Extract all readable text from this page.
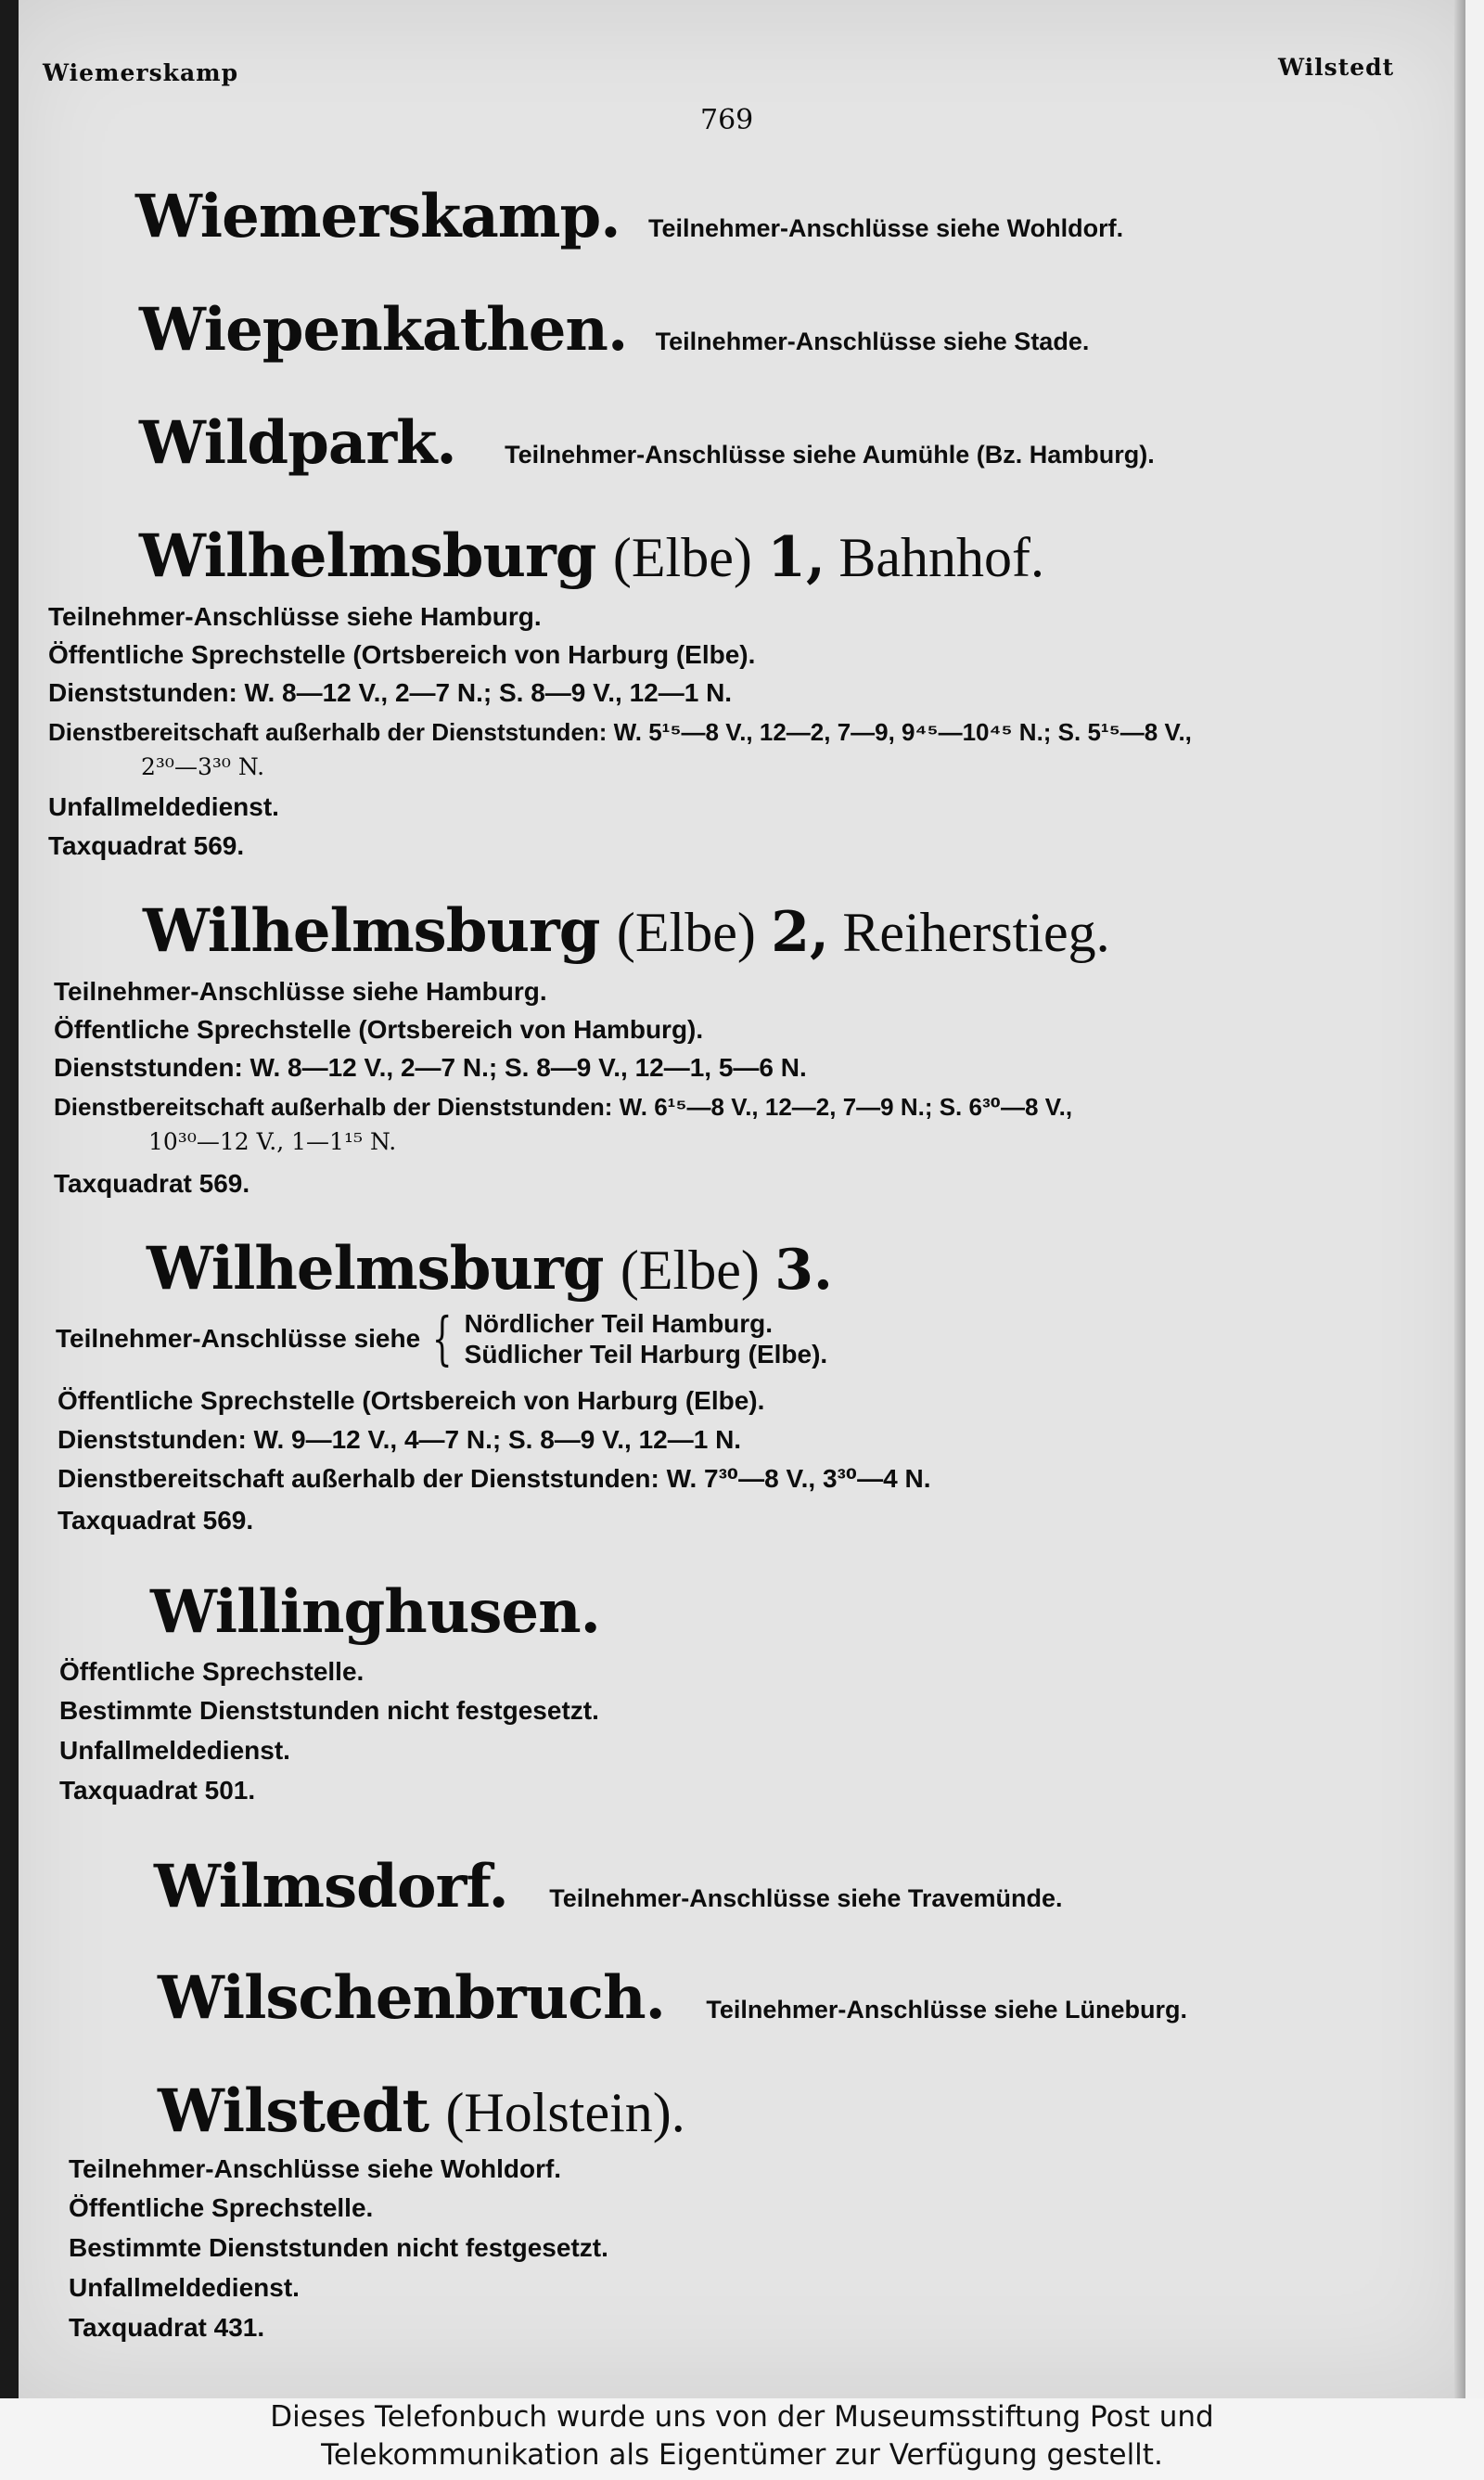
Wiemerskamp	Wilstedt
769
Wiemerskamp. Teilnehmer-Anschlüsse siehe Wohldorf.
Wiepenkathen. Teilnehmer-Anschlüsse siehe Stade.
Wildpark. Teilnehmer-Anschlüsse siehe Aumühle (Bz. Hamburg).
Wilhelmsburg (Elbe) 1, Bahnhof.
Teilnehmer-Anschlüsse siehe Hamburg.
Öffentliche Sprechstelle (Ortsbereich von Harburg (Elbe).
Dienststunden: W. 8—12 V., 2—7 N.; S. 8—9 V., 12—1 N.
Dienstbereitschaft außerhalb der Dienststunden: W. 5¹⁵—8 V., 12—2, 7—9, 9⁴⁵—10⁴⁵ N.; S. 5¹⁵—8 V.,
2³⁰—3³⁰ N.
Unfallmeldedienst.
Taxquadrat 569.
Wilhelmsburg (Elbe) 2, Reiherstieg.
Teilnehmer-Anschlüsse siehe Hamburg.
Öffentliche Sprechstelle (Ortsbereich von Hamburg).
Dienststunden: W. 8—12 V., 2—7 N.; S. 8—9 V., 12—1, 5—6 N.
Dienstbereitschaft außerhalb der Dienststunden: W. 6¹⁵—8 V., 12—2, 7—9 N.; S. 6³⁰—8 V.,
10³⁰—12 V., 1—1¹⁵ N.
Taxquadrat 569.
Wilhelmsburg (Elbe) 3.
Teilnehmer-Anschlüsse siehe { Nördlicher Teil Hamburg.
Südlicher Teil Harburg (Elbe).
Öffentliche Sprechstelle (Ortsbereich von Harburg (Elbe).
Dienststunden: W. 9—12 V., 4—7 N.; S. 8—9 V., 12—1 N.
Dienstbereitschaft außerhalb der Dienststunden: W. 7³⁰—8 V., 3³⁰—4 N.
Taxquadrat 569.
Willinghusen.
Öffentliche Sprechstelle.
Bestimmte Dienststunden nicht festgesetzt.
Unfallmeldedienst.
Taxquadrat 501.
Wilmsdorf. Teilnehmer-Anschlüsse siehe Travemünde.
Wilschenbruch. Teilnehmer-Anschlüsse siehe Lüneburg.
Wilstedt (Holstein).
Teilnehmer-Anschlüsse siehe Wohldorf.
Öffentliche Sprechstelle.
Bestimmte Dienststunden nicht festgesetzt.
Unfallmeldedienst.
Taxquadrat 431.
Dieses Telefonbuch wurde uns von der Museumsstiftung Post und
Telekommunikation als Eigentümer zur Verfügung gestellt.
